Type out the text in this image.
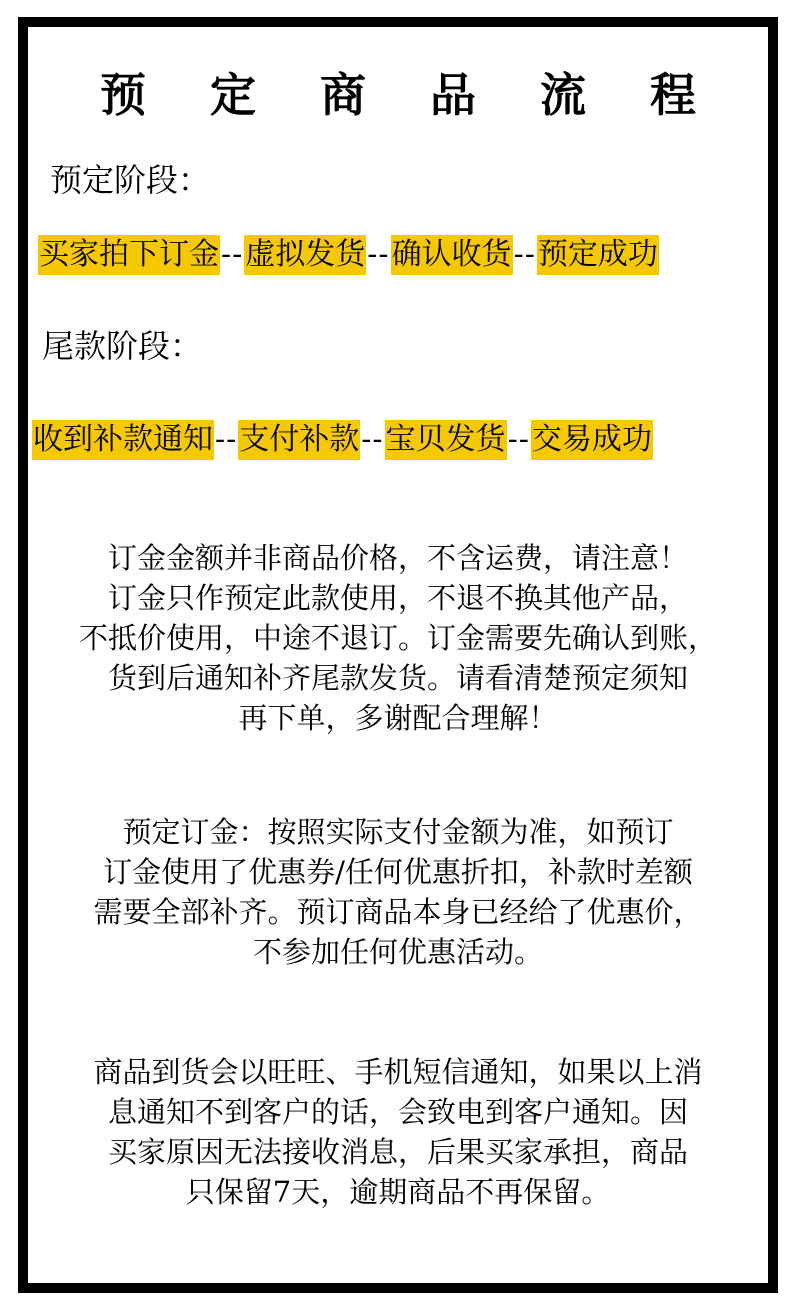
预 定 商 品 流 程
预定阶段：
买家拍下订金 -- 虚拟发货 -- 确认收货 -- 预定成功
尾款阶段：
收到补款通知 -- 支付补款 -- 宝贝发货 -- 交易成功
订金金额并非商品价格，不含运费，请注意！
订金只作预定此款使用，不退不换其他产品，
不抵价使用，中途不退订。订金需要先确认到账，
货到后通知补齐尾款发货。请看清楚预定须知
再下单，多谢配合理解！
预定订金：按照实际支付金额为准，如预订
订金使用了优惠券/任何优惠折扣，补款时差额
需要全部补齐。预订商品本身已经给了优惠价，
不参加任何优惠活动。
商品到货会以旺旺、手机短信通知，如果以上消
息通知不到客户的话，会致电到客户通知。因
买家原因无法接收消息，后果买家承担，商品
只保留7天，逾期商品不再保留。
